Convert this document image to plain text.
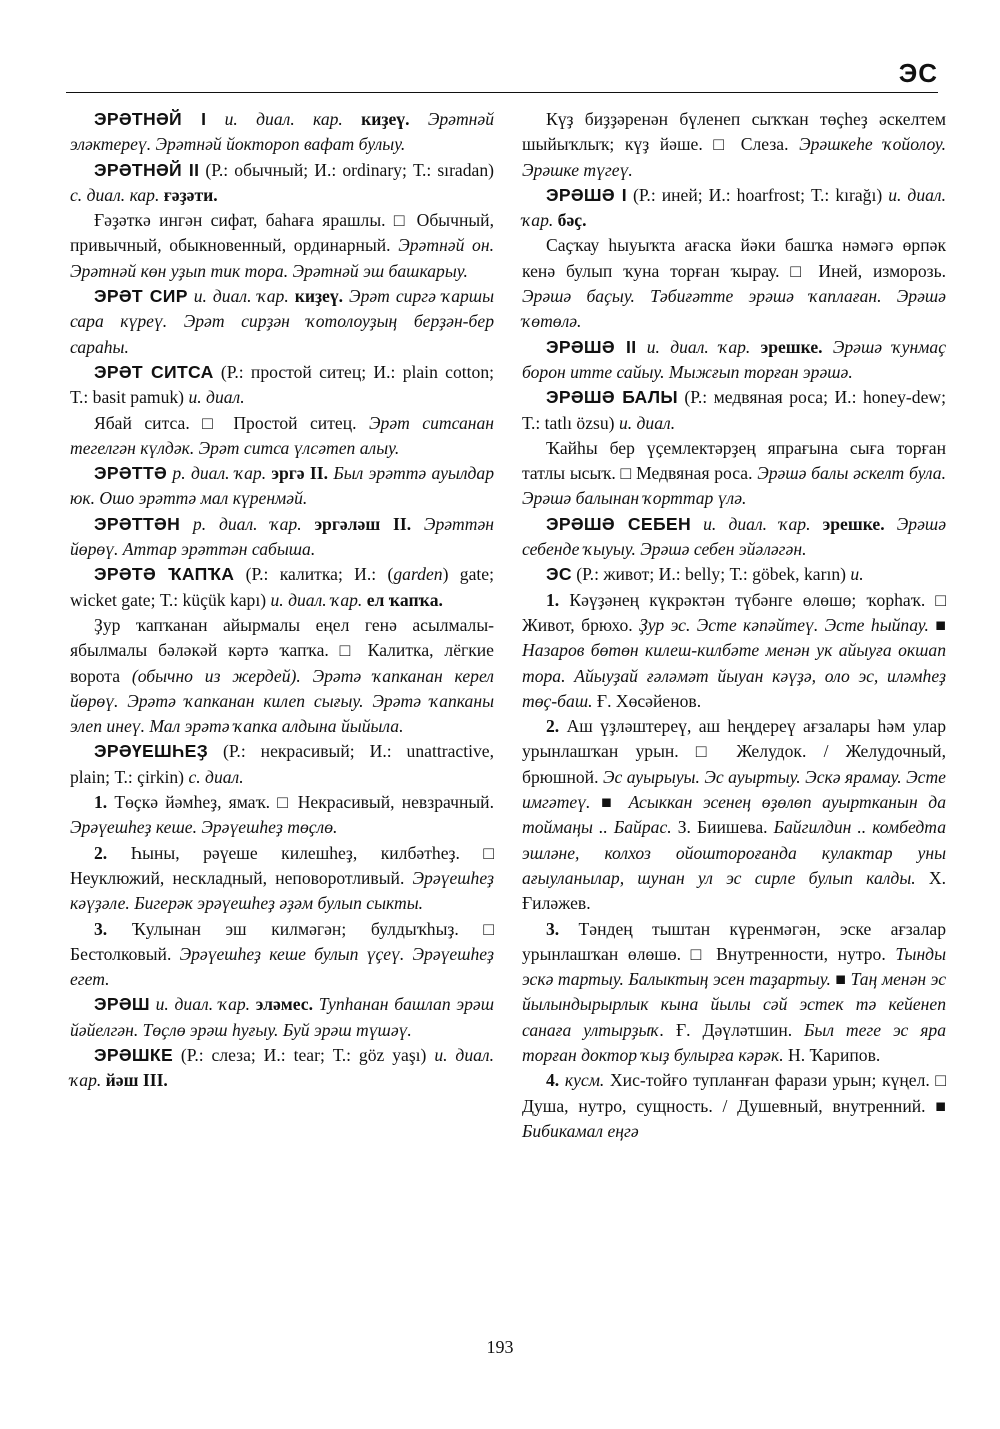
ЭС

ЭРӘТНӘЙ I и. диал. кар. киҙеү. Эрәтнәй эләктереү. Эрәтнәй йоктороп вафат булыу.

ЭРӘТНӘЙ II (Р.: обычный; И.: ordinary; Т.: sıradan) с. диал. кар. ғәҙәти.

Ғәҙәткә ингән сифат, баһаға ярашлы. □ Обычный, привычный, обыкновенный, ординарный. Эрәтнәй он. Эрәтнәй көн уҙып тик тора. Эрәтнәй эш башкарыу.

ЭРӘТ СИР и. диал. ҡар. киҙеү. Эрәт сиргә ҡаршы сара күреү. Эрәт сирҙән ҡотолоуҙың берҙән-бер сараһы.

ЭРӘТ СИТСА (Р.: простой ситец; И.: plain cotton; Т.: basit pamuk) и. диал.

Ябай ситса. □ Простой ситец. Эрәт ситсанан тегелгән күлдәк. Эрәт ситса үлсәтеп алыу.

ЭРӘТТӘ р. диал. ҡар. эргә II. Был эрәттә ауылдар юк. Ошо эрәттә мал күренмәй.

ЭРӘТТӘН р. диал. ҡар. эргәләш II. Эрәттән йөрөү. Аттар эрәттән сабыша.

ЭРӘТӘ ҠАПҠА (Р.: калитка; И.: (garden) gate; wicket gate; Т.: küçük kapı) и. диал. ҡар. ел ҡапҡа.

Ҙур ҡапҡанан айырмалы еңел генә асылмалы-ябылмалы бәләкәй кәртә ҡапҡа. □ Калитка, лёгкие ворота (обычно из жердей). Эрәтә ҡапканан керел йөрөү. Эрәтә ҡапканан килеп сығыу. Эрәтә ҡапканы элеп инеү. Мал эрәтә ҡапка алдына йыйыла.

ЭРӘҮЕШҺЕҘ (Р.: некрасивый; И.: unattractive, plain; Т.: çirkin) с. диал.

1. Төҫкә йәмһеҙ, ямаҡ. □ Некрасивый, невзрачный. Эрәүешһеҙ кеше. Эрәүешһеҙ төҫлө.

2. Һыны, рәүеше килешһеҙ, килбәтһеҙ. □ Неуклюжий, нескладный, неповоротливый. Эрәүешһеҙ кәүҙәле. Бигерәк эрәүешһеҙ әҙәм булып сыкты.

3. Ҡулынан эш килмәгән; булдыҡһыҙ. □ Бестолковый. Эрәүешһеҙ кеше булып үҫеү. Эрәүешһеҙ егет.

ЭРӘШ и. диал. ҡар. эләмес. Тупһанан башлап эрәш йәйелгән. Төҫлө эрәш һуғыу. Буй эрәш түшәү.

ЭРӘШКЕ (Р.: слеза; И.: tear; Т.: göz yaşı) и. диал. ҡар. йәш III.

Күҙ биҙҙәренән бүленеп сыҡҡан төҫһеҙ әскелтем шыйыҡлыҡ; күҙ йәше. □ Слеза. Эрәшкеһе ҡойолоу. Эрәшке түгеү.

ЭРӘШӘ I (Р.: иней; И.: hoarfrost; Т.: kırağı) и. диал. ҡар. бәҫ.

Саҫҡау һыуыҡта ағаска йәки башҡа нәмәгә өрпәк кенә булып ҡуна торған ҡырау. □ Иней, изморозь. Эрәшә баҫыу. Тәбиғәтте эрәшә ҡаплаған. Эрәшә ҡөтөлә.

ЭРӘШӘ II и. диал. ҡар. эрешке. Эрәшә ҡунмаҫ борон итте сайыу. Мыжғып торған эрәшә.

ЭРӘШӘ БАЛЫ (Р.: медвяная роса; И.: honey-dew; Т.: tatlı özsu) и. диал.

Ҡайһы бер үҫемлектәрҙең япрағына сыға торған татлы ысыҡ. □ Медвяная роса. Эрәшә балы әскелт була. Эрәшә балынан ҡорттар үлә.

ЭРӘШӘ СЕБЕН и. диал. ҡар. эрешке. Эрәшә себенде ҡыуыу. Эрәшә себен эйәләгән.

ЭС (Р.: живот; И.: belly; Т.: göbek, karın) и.

1. Кәүҙәнең күкрәктән түбәнге өлөшө; ҡорһаҡ. □ Живот, брюхо. Ҙур эс. Эсте кәпәйтеү. Эсте һыйпау. ■ Назаров бөтөн килеш-килбәте менән ук айыуға окшап тора. Айыуҙай ғәләмәт йыуан кәүҙә, оло эс, иләмһеҙ төҫ-баш. Ғ. Хөсәйенов.

2. Аш үҙләштереү, аш һеңдереү ағзалары һәм улар урынлашҡан урын. □ Желудок. / Желудочный, брюшной. Эс ауырыуы. Эс ауыртыу. Эскә ярамау. Эсте имгәтеү. ■ Асыккан эсенең өҙөлөп ауыртканын да тоймаңы .. Байрас. З. Биишева. Байгилдин .. комбедта эшләне, колхоз ойоштороғанда кулактар уны ағыуланылар, шунан ул эс сирле булып калды. Х. Ғиләжев.

3. Тәндең тыштан күренмәгән, эске ағзалар урынлашҡан өлөшө. □ Внутренности, нутро. Тынды эскә тартыу. Балыктың эсен таҙартыу. ■ Таң менән эс йылындырырлык кына йылы сәй эстек тә кейенеп санаға ултырҙыҡ. Ғ. Дәүләтшин. Был теге эс яра торған доктор ҡыҙ булырға кәрәк. Н. Ҡарипов.

4. кусм. Хис-тойғо тупланған фарази урын; күңел. □ Душа, нутро, сущность. / Душевный, внутренний. ■ Бибикамал еңгә

193
